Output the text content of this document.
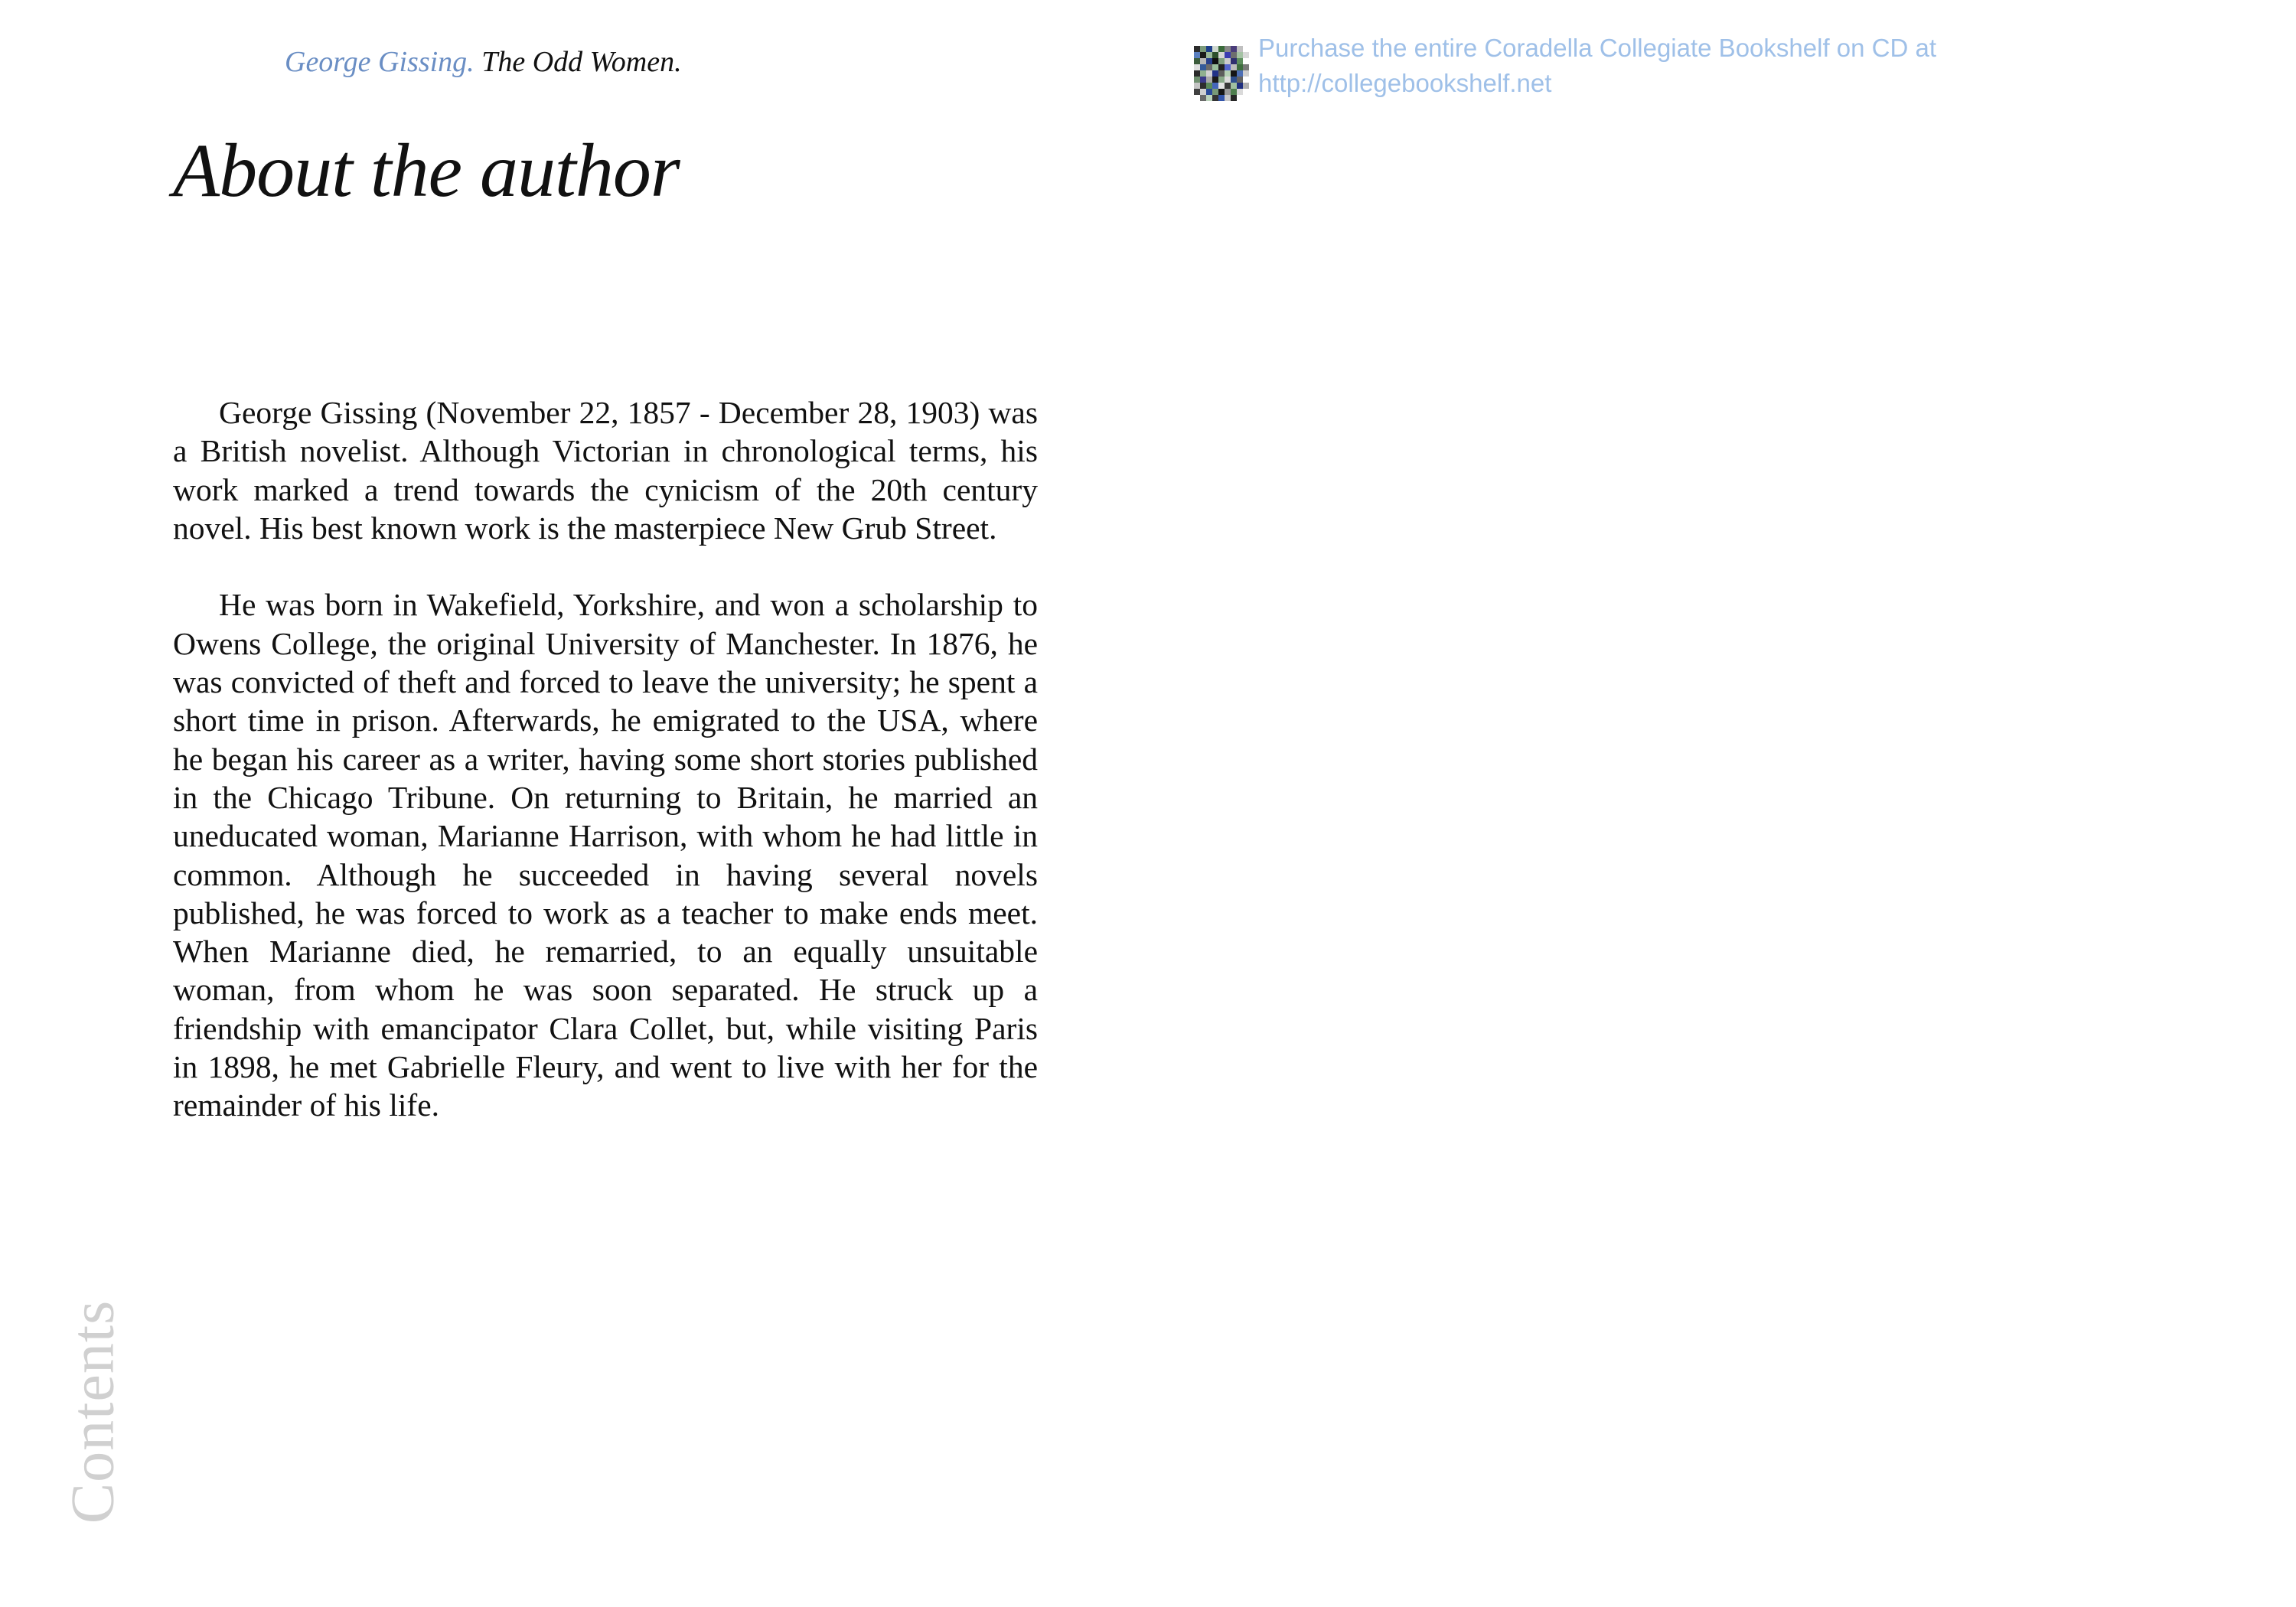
George Gissing. The Odd Women.
About the author

George Gissing (November 22, 1857 - December 28, 1903) was a British novelist. Although Victorian in chronological terms, his work marked a trend towards the cynicism of the 20th century novel. His best known work is the masterpiece New Grub Street.

He was born in Wakefield, Yorkshire, and won a scholarship to Owens College, the original University of Manchester. In 1876, he was convicted of theft and forced to leave the university; he spent a short time in prison. Afterwards, he emigrated to the USA, where he began his career as a writer, having some short stories published in the Chicago Tribune. On returning to Britain, he married an uneducated woman, Marianne Harrison, with whom he had little in common. Although he succeeded in having several novels published, he was forced to work as a teacher to make ends meet. When Marianne died, he remarried, to an equally unsuitable woman, from whom he was soon separated. He struck up a friendship with emancipator Clara Collet, but, while visiting Paris in 1898, he met Gabrielle Fleury, and went to live with her for the remainder of his life.

Purchase the entire Coradella Collegiate Bookshelf on CD at
http://collegebookshelf.net
Contents
